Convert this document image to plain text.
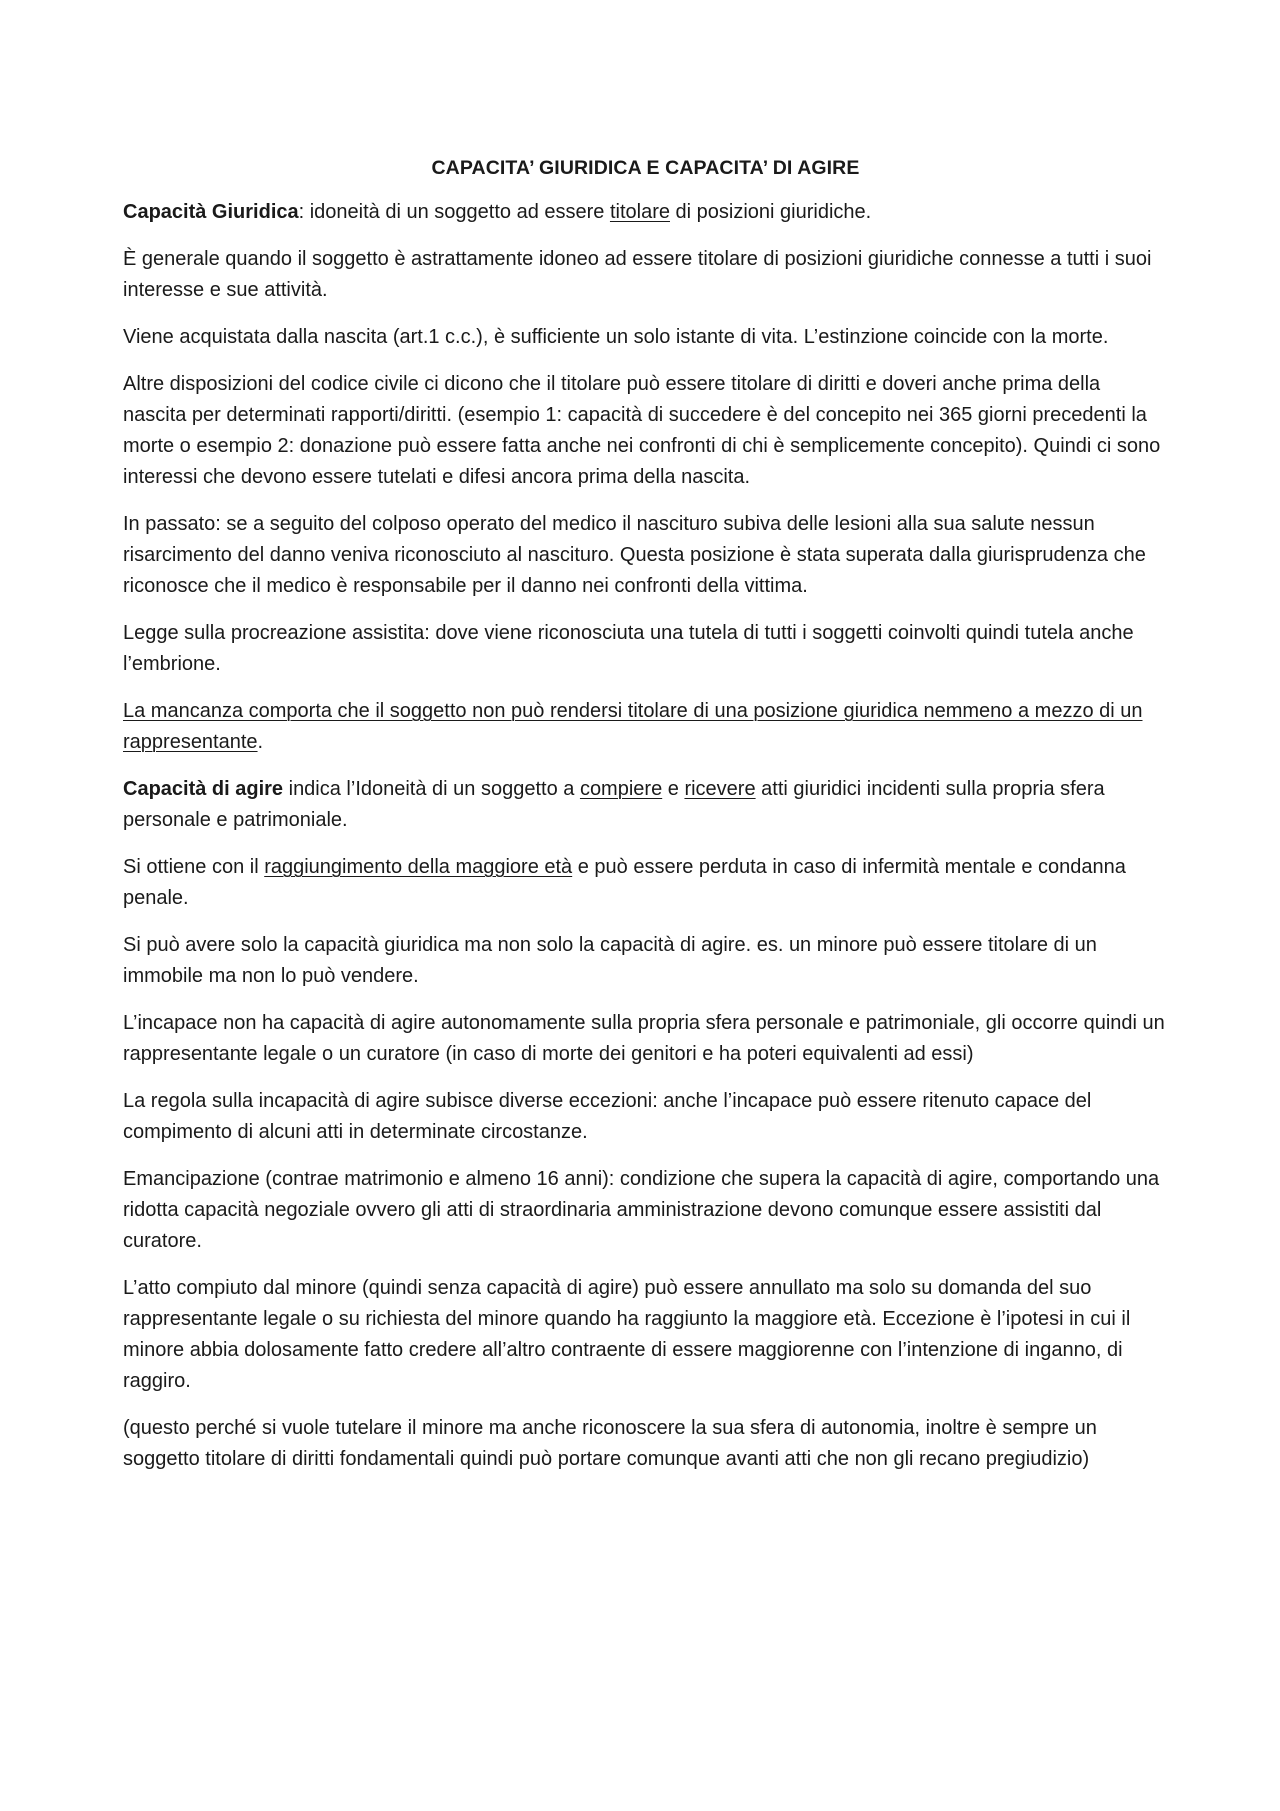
CAPACITA’ GIURIDICA E CAPACITA’ DI AGIRE

Capacità Giuridica: idoneità di un soggetto ad essere titolare di posizioni giuridiche.

È generale quando il soggetto è astrattamente idoneo ad essere titolare di posizioni giuridiche connesse a tutti i suoi interesse e sue attività.

Viene acquistata dalla nascita (art.1 c.c.), è sufficiente un solo istante di vita. L’estinzione coincide con la morte.

Altre disposizioni del codice civile ci dicono che il titolare può essere titolare di diritti e doveri anche prima della nascita per determinati rapporti/diritti. (esempio 1: capacità di succedere è del concepito nei 365 giorni precedenti la morte o esempio 2: donazione può essere fatta anche nei confronti di chi è semplicemente concepito). Quindi ci sono interessi che devono essere tutelati e difesi ancora prima della nascita.

In passato: se a seguito del colposo operato del medico il nascituro subiva delle lesioni alla sua salute nessun risarcimento del danno veniva riconosciuto al nascituro. Questa posizione è stata superata dalla giurisprudenza che riconosce che il medico è responsabile per il danno nei confronti della vittima.

Legge sulla procreazione assistita: dove viene riconosciuta una tutela di tutti i soggetti coinvolti quindi tutela anche l’embrione.

La mancanza comporta che il soggetto non può rendersi titolare di una posizione giuridica nemmeno a mezzo di un rappresentante.

Capacità di agire indica l’Idoneità di un soggetto a compiere e ricevere atti giuridici incidenti sulla propria sfera personale e patrimoniale.

Si ottiene con il raggiungimento della maggiore età e può essere perduta in caso di infermità mentale e condanna penale.

Si può avere solo la capacità giuridica ma non solo la capacità di agire. es. un minore può essere titolare di un immobile ma non lo può vendere.

L’incapace non ha capacità di agire autonomamente sulla propria sfera personale e patrimoniale, gli occorre quindi un rappresentante legale o un curatore (in caso di morte dei genitori e ha poteri equivalenti ad essi)

La regola sulla incapacità di agire subisce diverse eccezioni: anche l’incapace può essere ritenuto capace del compimento di alcuni atti in determinate circostanze.

Emancipazione (contrae matrimonio e almeno 16 anni): condizione che supera la capacità di agire, comportando una ridotta capacità negoziale ovvero gli atti di straordinaria amministrazione devono comunque essere assistiti dal curatore.

L’atto compiuto dal minore (quindi senza capacità di agire) può essere annullato ma solo su domanda del suo rappresentante legale o su richiesta del minore quando ha raggiunto la maggiore età. Eccezione è l’ipotesi in cui il minore abbia dolosamente fatto credere all’altro contraente di essere maggiorenne con l’intenzione di inganno, di raggiro.

(questo perché si vuole tutelare il minore ma anche riconoscere la sua sfera di autonomia, inoltre è sempre un soggetto titolare di diritti fondamentali quindi può portare comunque avanti atti che non gli recano pregiudizio)
